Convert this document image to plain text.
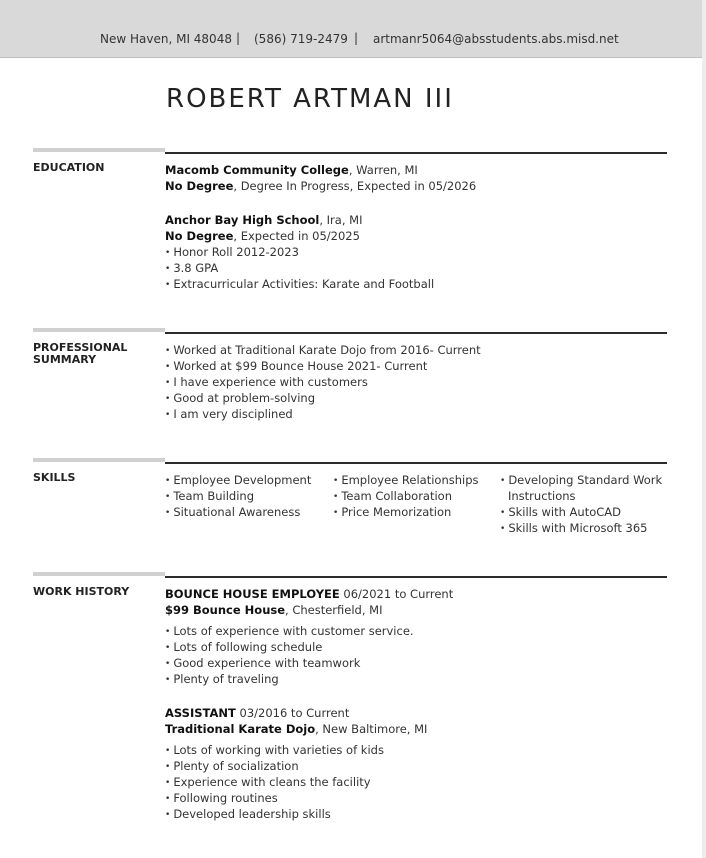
New Haven, MI 48048 | (586) 719-2479 | artmanr5064@absstudents.abs.misd.net
ROBERT ARTMAN III
EDUCATION	Macomb Community College, Warren, MI
No Degree, Degree In Progress, Expected in 05/2026
Anchor Bay High School, Ira, MI
No Degree, Expected in 05/2025
• Honor Roll 2012-2023
• 3.8 GPA
• Extracurricular Activities: Karate and Football
PROFESSIONAL
SUMMARY
• Worked at Traditional Karate Dojo from 2016- Current
• Worked at $99 Bounce House 2021- Current
• I have experience with customers
• Good at problem-solving
• I am very disciplined
SKILLS
•	Employee Development
• Team Building
• Situational Awareness
• Employee Relationships
• Team Collaboration
• Price Memorization
• Developing Standard Work
Instructions
• Skills with AutoCAD
• Skills with Microsoft 365
WORK HISTORY	BOUNCE HOUSE EMPLOYEE 06/2021 to Current
$99 Bounce House, Chesterfield, MI
• Lots of experience with customer service.
• Lots of following schedule
• Good experience with teamwork
• Plenty of traveling
ASSISTANT 03/2016 to Current
Traditional Karate Dojo, New Baltimore, MI
• Lots of working with varieties of kids
• Plenty of socialization
• Experience with cleans the facility
• Following routines
• Developed leadership skills
